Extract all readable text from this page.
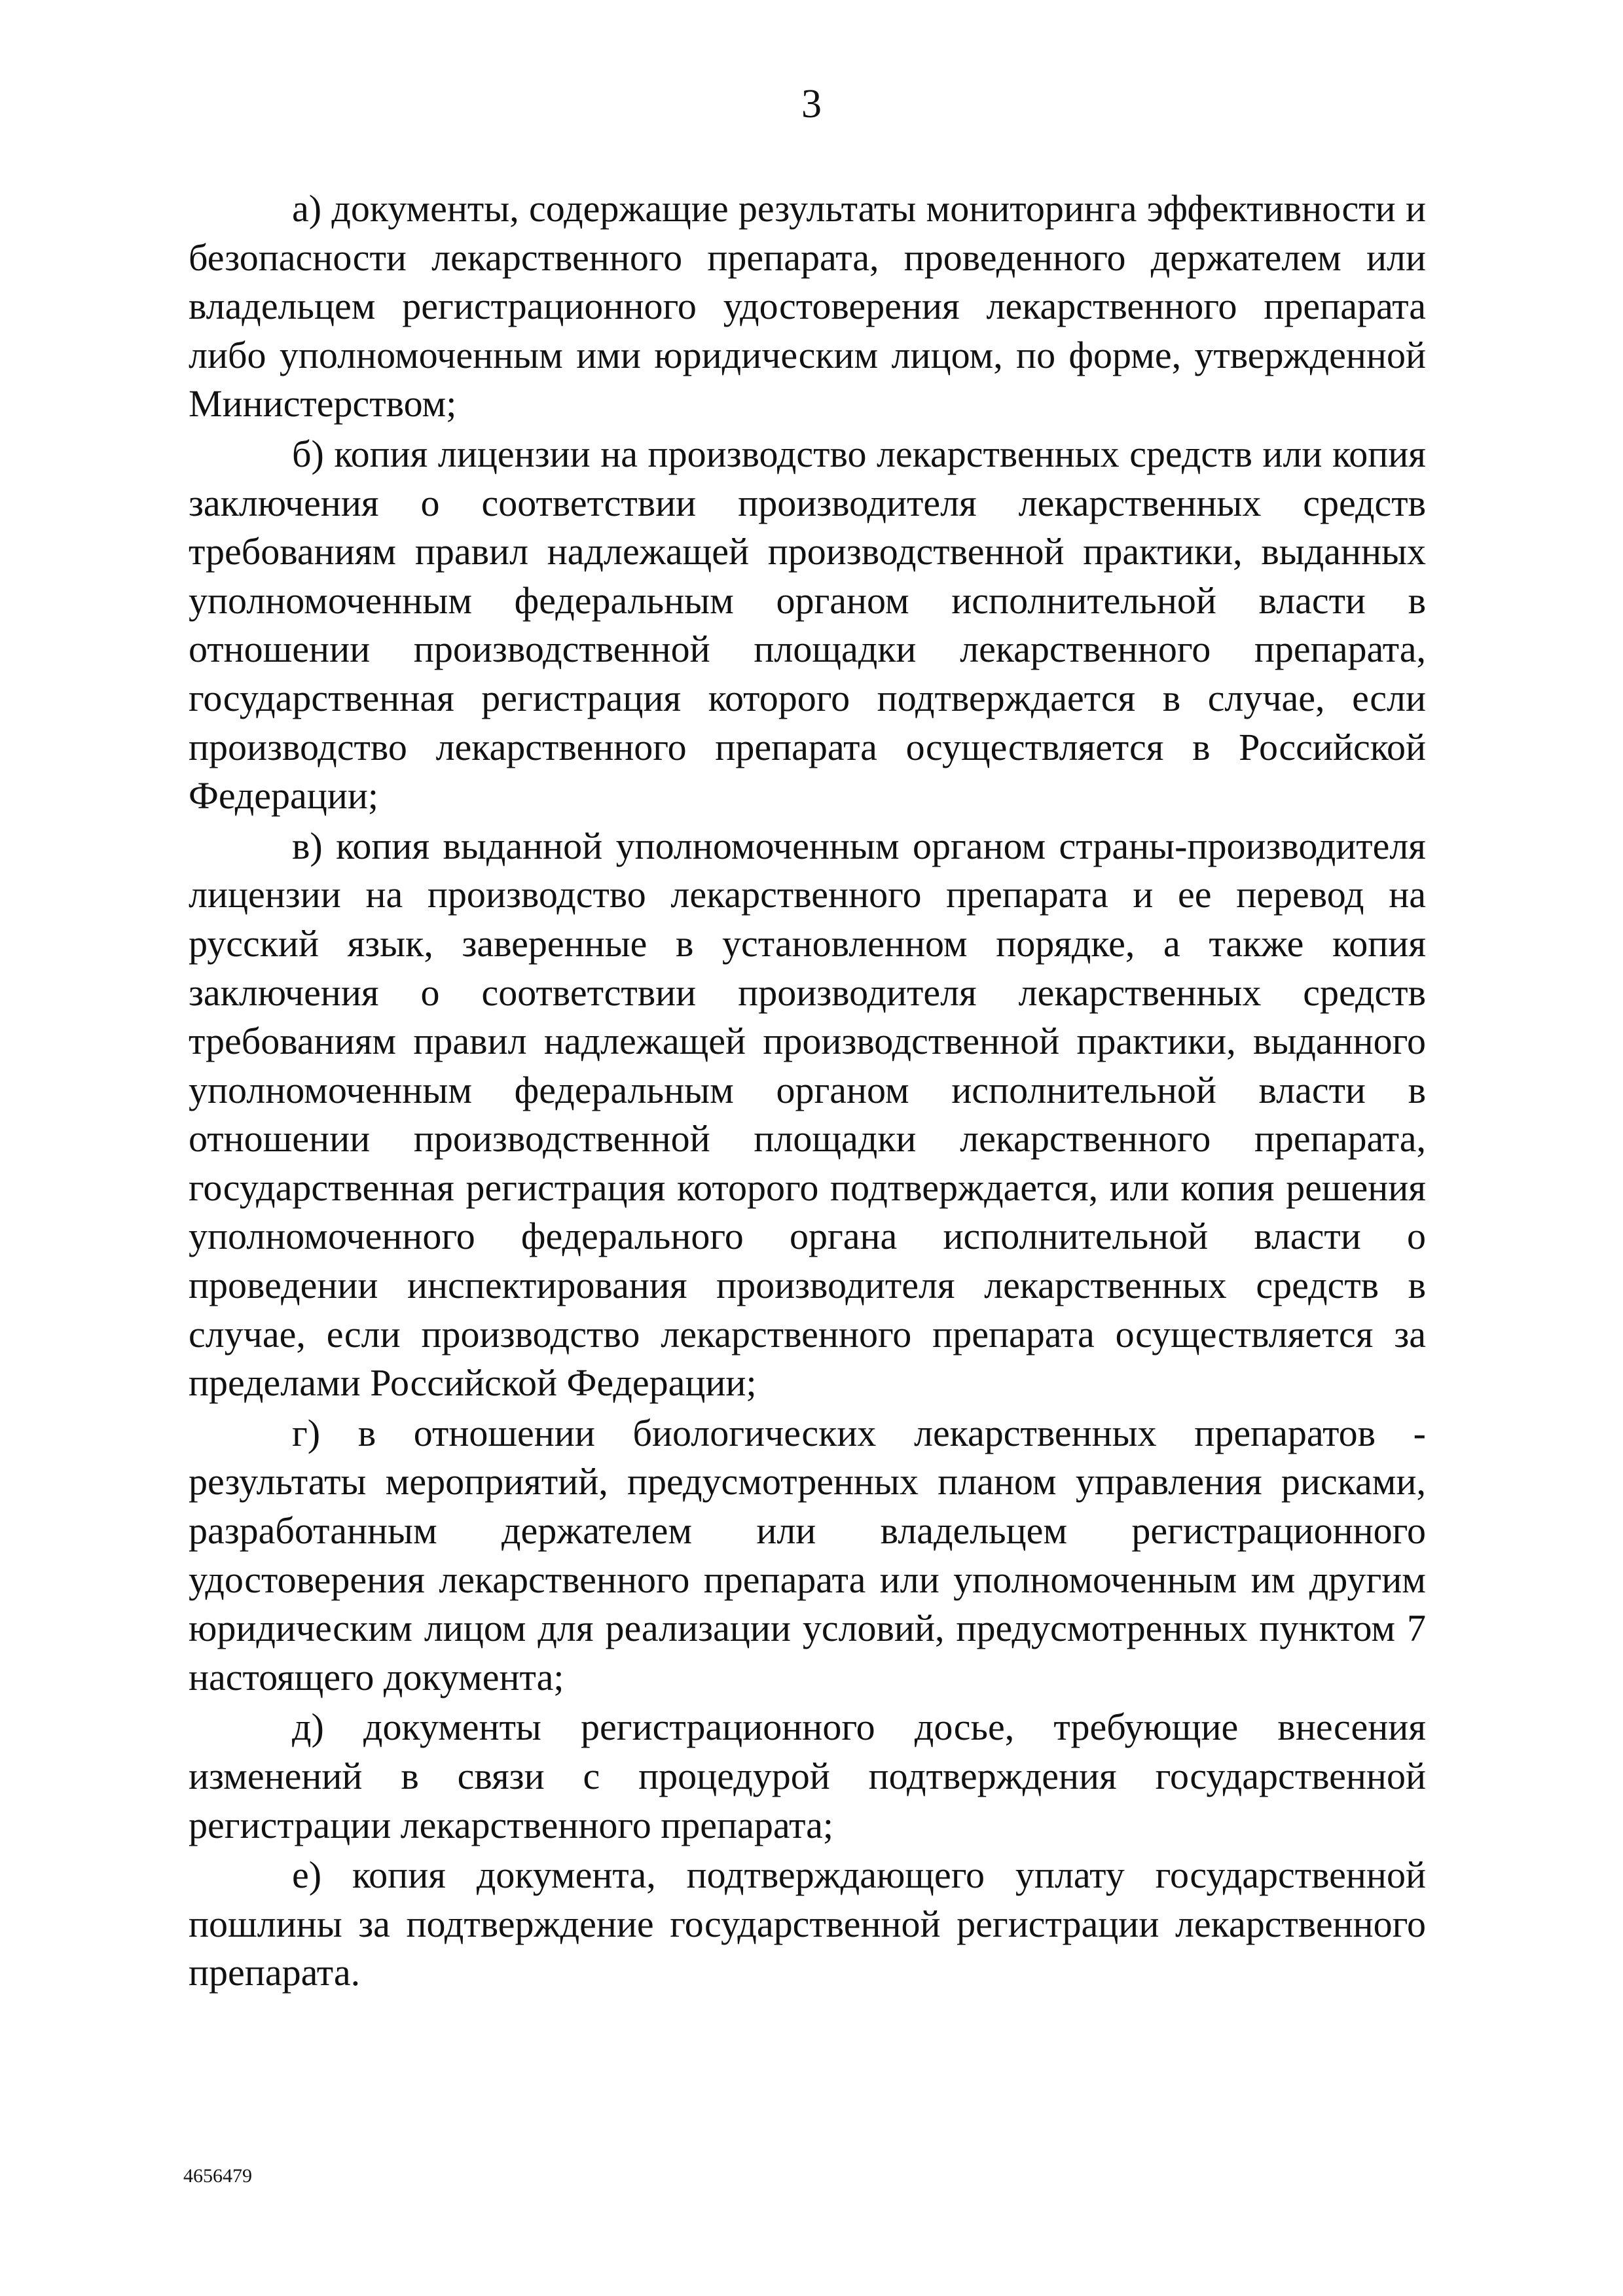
3

а) документы, содержащие результаты мониторинга эффективности и безопасности лекарственного препарата, проведенного держателем или владельцем регистрационного удостоверения лекарственного препарата либо уполномоченным ими юридическим лицом, по форме, утвержденной Министерством;

б) копия лицензии на производство лекарственных средств или копия заключения о соответствии производителя лекарственных средств требованиям правил надлежащей производственной практики, выданных уполномоченным федеральным органом исполнительной власти в отношении производственной площадки лекарственного препарата, государственная регистрация которого подтверждается в случае, если производство лекарственного препарата осуществляется в Российской Федерации;

в) копия выданной уполномоченным органом страны-производителя лицензии на производство лекарственного препарата и ее перевод на русский язык, заверенные в установленном порядке, а также копия заключения о соответствии производителя лекарственных средств требованиям правил надлежащей производственной практики, выданного уполномоченным федеральным органом исполнительной власти в отношении производственной площадки лекарственного препарата, государственная регистрация которого подтверждается, или копия решения уполномоченного федерального органа исполнительной власти о проведении инспектирования производителя лекарственных средств в случае, если производство лекарственного препарата осуществляется за пределами Российской Федерации;

г) в отношении биологических лекарственных препаратов - результаты мероприятий, предусмотренных планом управления рисками, разработанным держателем или владельцем регистрационного удостоверения лекарственного препарата или уполномоченным им другим юридическим лицом для реализации условий, предусмотренных пунктом 7 настоящего документа;

д) документы регистрационного досье, требующие внесения изменений в связи с процедурой подтверждения государственной регистрации лекарственного препарата;

е) копия документа, подтверждающего уплату государственной пошлины за подтверждение государственной регистрации лекарственного препарата.

4656479
